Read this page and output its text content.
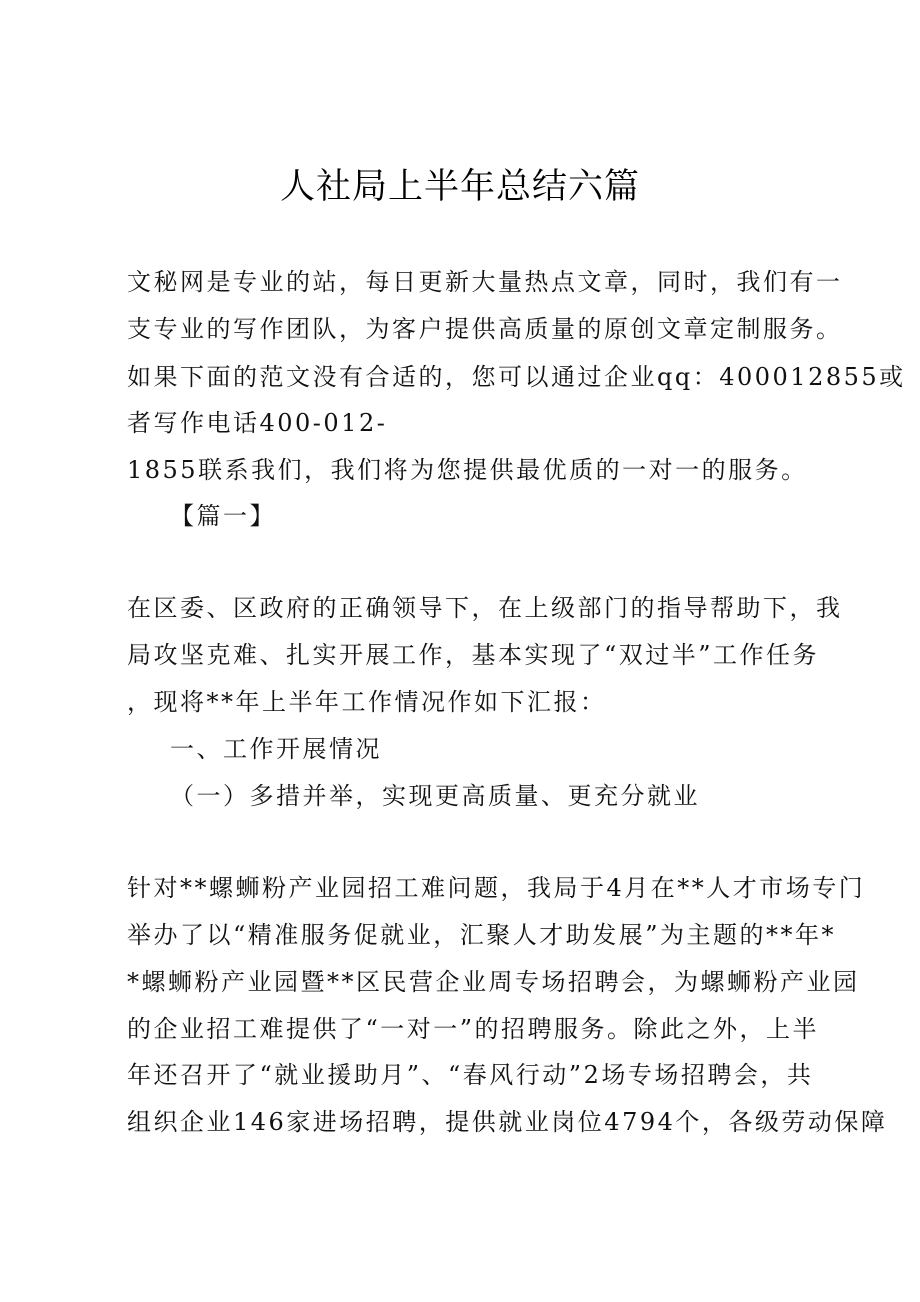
人社局上半年总结六篇
文秘网是专业的站，每日更新大量热点文章，同时，我们有一
支专业的写作团队，为客户提供高质量的原创文章定制服务。
如果下面的范文没有合适的，您可以通过企业qq：400012855或
者写作电话400-012-
1855联系我们，我们将为您提供最优质的一对一的服务。
【篇一】
在区委、区政府的正确领导下，在上级部门的指导帮助下，我
局攻坚克难、扎实开展工作，基本实现了“双过半”工作任务
，现将**年上半年工作情况作如下汇报：
一、工作开展情况
（一）多措并举，实现更高质量、更充分就业
针对**螺蛳粉产业园招工难问题，我局于4月在**人才市场专门
举办了以“精准服务促就业，汇聚人才助发展”为主题的**年*
*螺蛳粉产业园暨**区民营企业周专场招聘会，为螺蛳粉产业园
的企业招工难提供了“一对一”的招聘服务。除此之外，上半
年还召开了“就业援助月”、“春风行动”2场专场招聘会，共
组织企业146家进场招聘，提供就业岗位4794个，各级劳动保障
